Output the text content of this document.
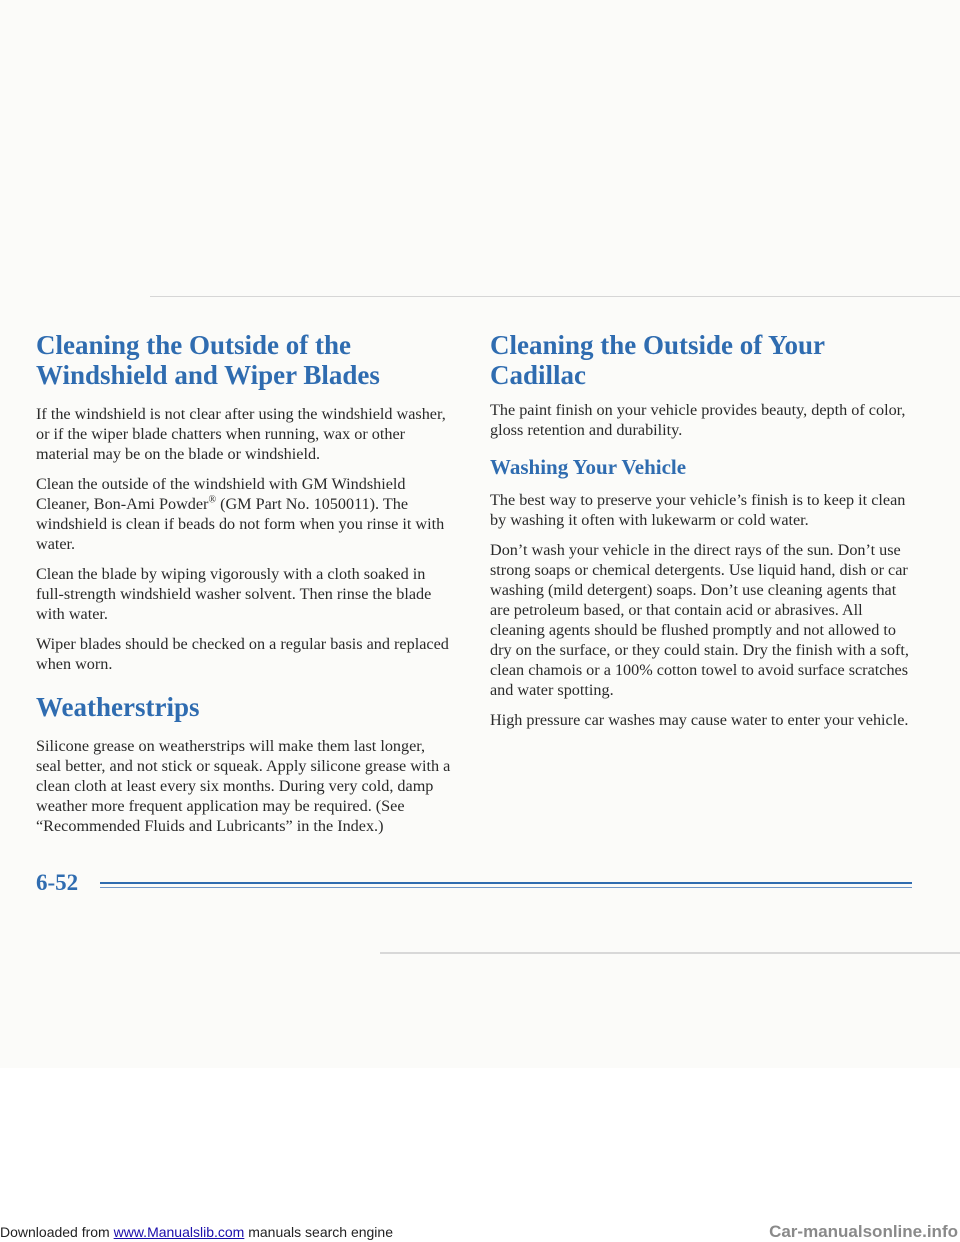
Cleaning the Outside of the Windshield and Wiper Blades

If the windshield is not clear after using the windshield washer, or if the wiper blade chatters when running, wax or other material may be on the blade or windshield.

Clean the outside of the windshield with GM Windshield Cleaner, Bon-Ami Powder® (GM Part No. 1050011). The windshield is clean if beads do not form when you rinse it with water.

Clean the blade by wiping vigorously with a cloth soaked in full-strength windshield washer solvent. Then rinse the blade with water.

Wiper blades should be checked on a regular basis and replaced when worn.

Weatherstrips

Silicone grease on weatherstrips will make them last longer, seal better, and not stick or squeak. Apply silicone grease with a clean cloth at least every six months. During very cold, damp weather more frequent application may be required. (See “Recommended Fluids and Lubricants” in the Index.)

Cleaning the Outside of Your Cadillac

The paint finish on your vehicle provides beauty, depth of color, gloss retention and durability.

Washing Your Vehicle

The best way to preserve your vehicle’s finish is to keep it clean by washing it often with lukewarm or cold water.

Don’t wash your vehicle in the direct rays of the sun. Don’t use strong soaps or chemical detergents. Use liquid hand, dish or car washing (mild detergent) soaps. Don’t use cleaning agents that are petroleum based, or that contain acid or abrasives. All cleaning agents should be flushed promptly and not allowed to dry on the surface, or they could stain. Dry the finish with a soft, clean chamois or a 100% cotton towel to avoid surface scratches and water spotting.

High pressure car washes may cause water to enter your vehicle.

6-52
Downloaded from www.Manualslib.com manuals search engine	Car-manualsonline.info
